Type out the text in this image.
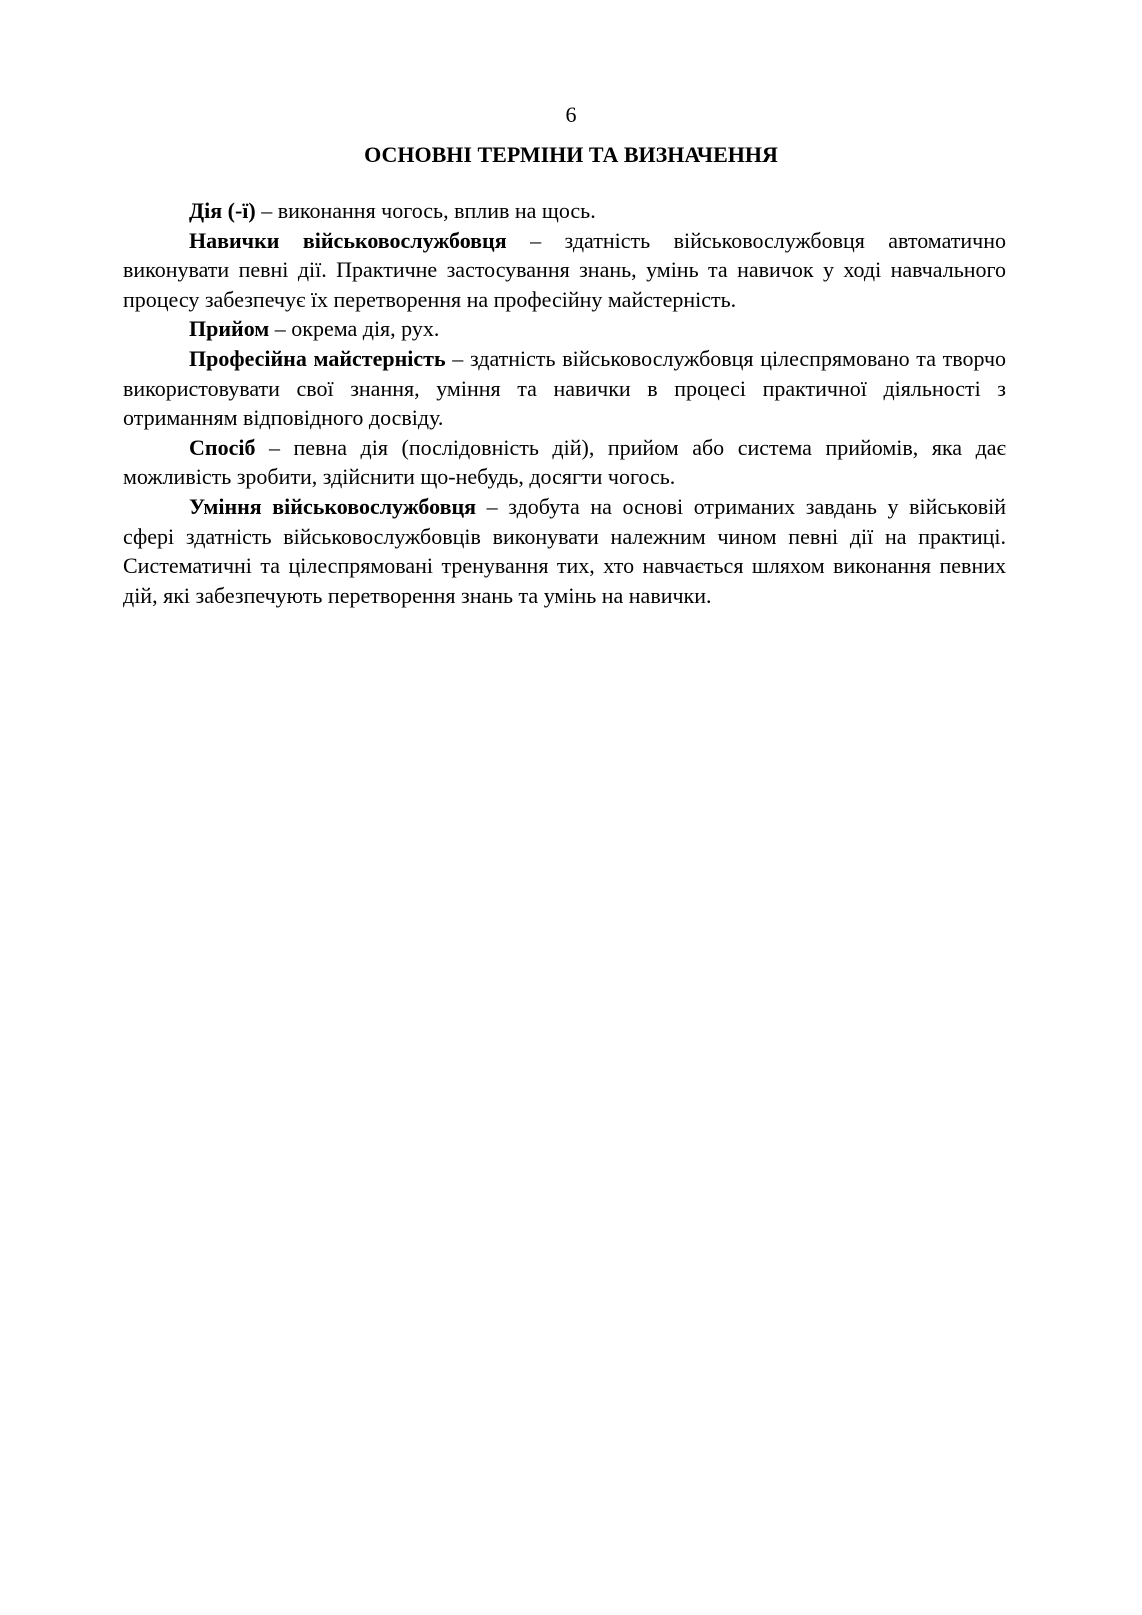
6
ОСНОВНІ ТЕРМІНИ ТА ВИЗНАЧЕННЯ

Дія (-ї) – виконання чогось, вплив на щось.

Навички військовослужбовця – здатність військовослужбовця автоматично виконувати певні дії. Практичне застосування знань, умінь та навичок у ході навчального процесу забезпечує їх перетворення на професійну майстерність.

Прийом – окрема дія, рух.

Професійна майстерність – здатність військовослужбовця цілеспрямовано та творчо використовувати свої знання, уміння та навички в процесі практичної діяльності з отриманням відповідного досвіду.

Спосіб – певна дія (послідовність дій), прийом або система прийомів, яка дає можливість зробити, здійснити що-небудь, досягти чогось.

Уміння військовослужбовця – здобута на основі отриманих завдань у військовій сфері здатність військовослужбовців виконувати належним чином певні дії на практиці. Систематичні та цілеспрямовані тренування тих, хто навчається шляхом виконання певних дій, які забезпечують перетворення знань та умінь на навички.
